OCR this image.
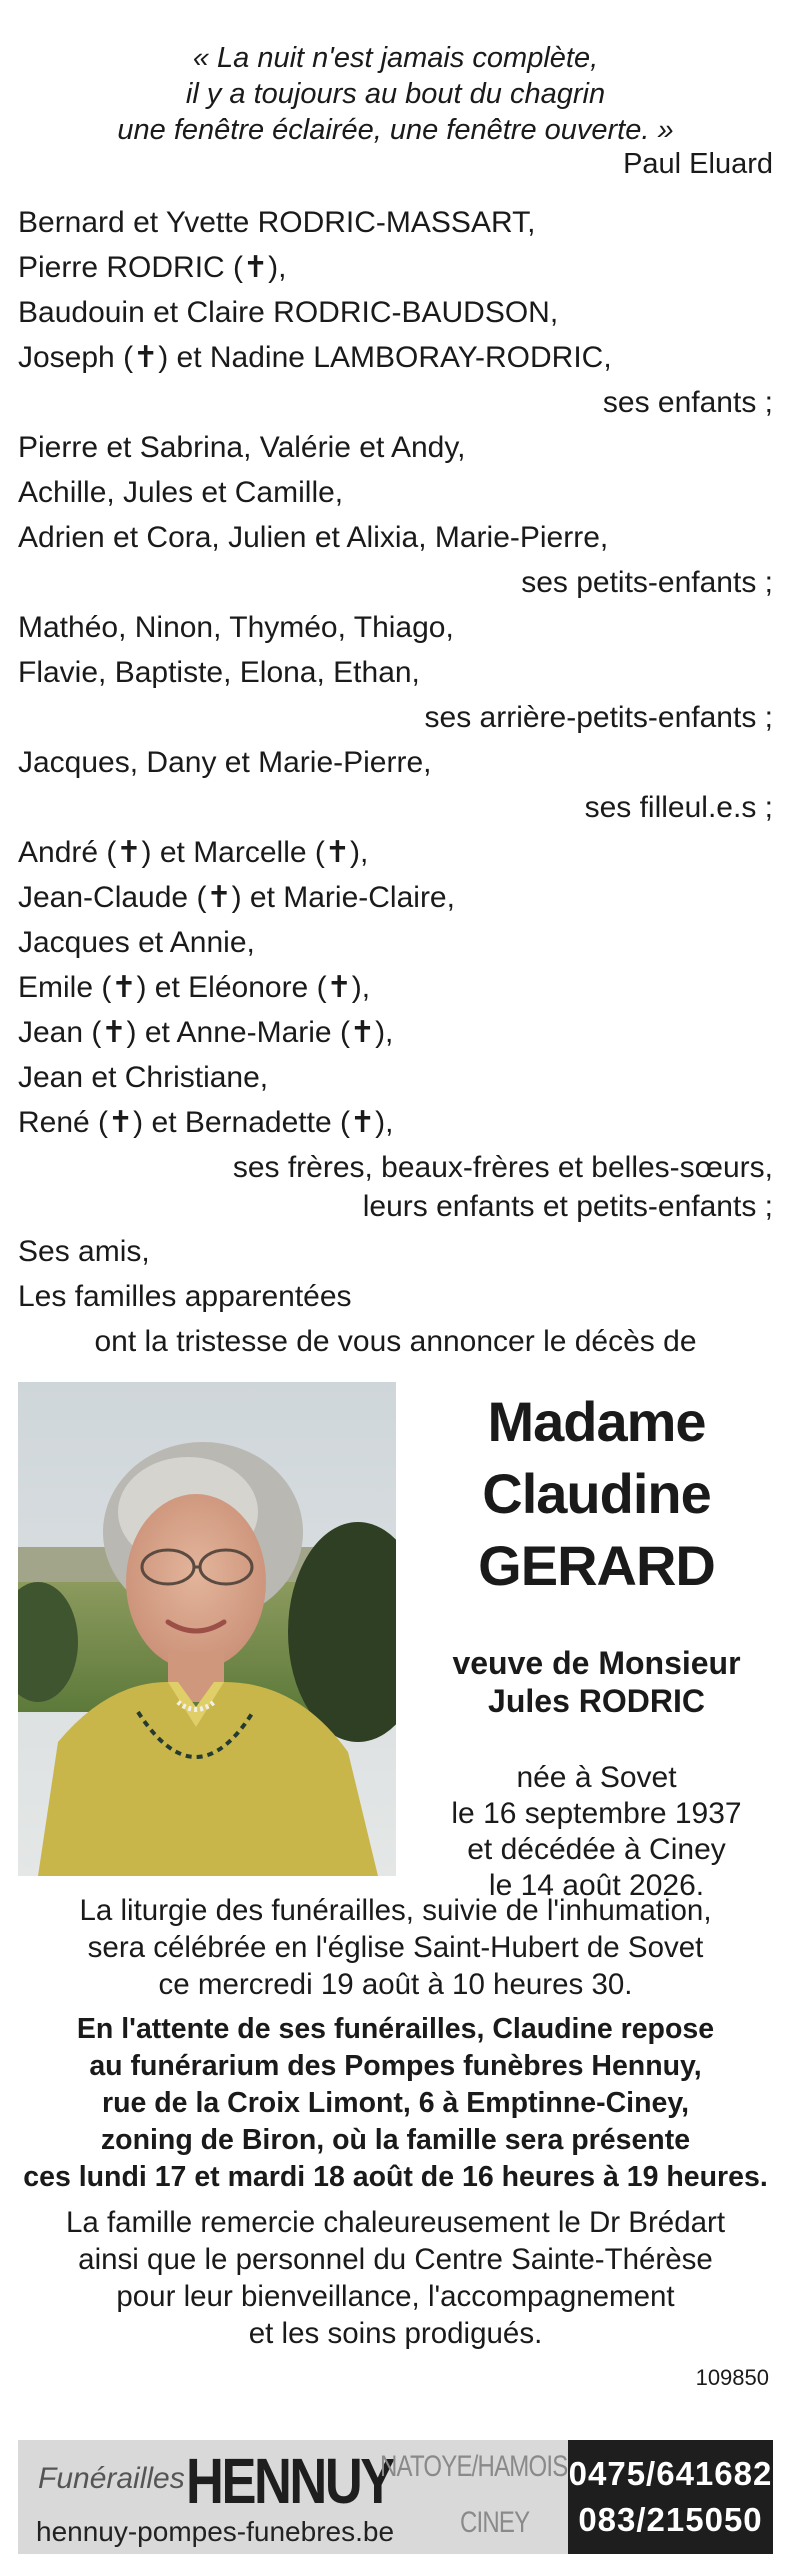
« La nuit n'est jamais complète,
il y a toujours au bout du chagrin
une fenêtre éclairée, une fenêtre ouverte. »
Paul Eluard
Bernard et Yvette RODRIC-MASSART,
Pierre RODRIC (✝),
Baudouin et Claire RODRIC-BAUDSON,
Joseph (✝) et Nadine LAMBORAY-RODRIC,
ses enfants ;
Pierre et Sabrina, Valérie et Andy,
Achille, Jules et Camille,
Adrien et Cora, Julien et Alixia, Marie-Pierre,
ses petits-enfants ;
Mathéo, Ninon, Thyméo, Thiago,
Flavie, Baptiste, Elona, Ethan,
ses arrière-petits-enfants ;
Jacques, Dany et Marie-Pierre,
ses filleul.e.s ;
André (✝) et Marcelle (✝),
Jean-Claude (✝) et Marie-Claire,
Jacques et Annie,
Emile (✝) et Eléonore (✝),
Jean (✝) et Anne-Marie (✝),
Jean et Christiane,
René (✝) et Bernadette (✝),
ses frères, beaux-frères et belles-sœurs,
leurs enfants et petits-enfants ;
Ses amis,
Les familles apparentées
ont la tristesse de vous annoncer le décès de
Madame
Claudine
GERARD
veuve de Monsieur
Jules RODRIC
née à Sovet
le 16 septembre 1937
et décédée à Ciney
le 14 août 2026.
La liturgie des funérailles, suivie de l'inhumation,
sera célébrée en l'église Saint-Hubert de Sovet
ce mercredi 19 août à 10 heures 30.
En l'attente de ses funérailles, Claudine repose
au funérarium des Pompes funèbres Hennuy,
rue de la Croix Limont, 6 à Emptinne-Ciney,
zoning de Biron, où la famille sera présente
ces lundi 17 et mardi 18 août de 16 heures à 19 heures.
La famille remercie chaleureusement le Dr Brédart
ainsi que le personnel du Centre Sainte-Thérèse
pour leur bienveillance, l'accompagnement
et les soins prodigués.
109850
Funérailles HENNUY
NATOYE/HAMOIS
CINEY
hennuy-pompes-funebres.be
0475/641682
083/215050
